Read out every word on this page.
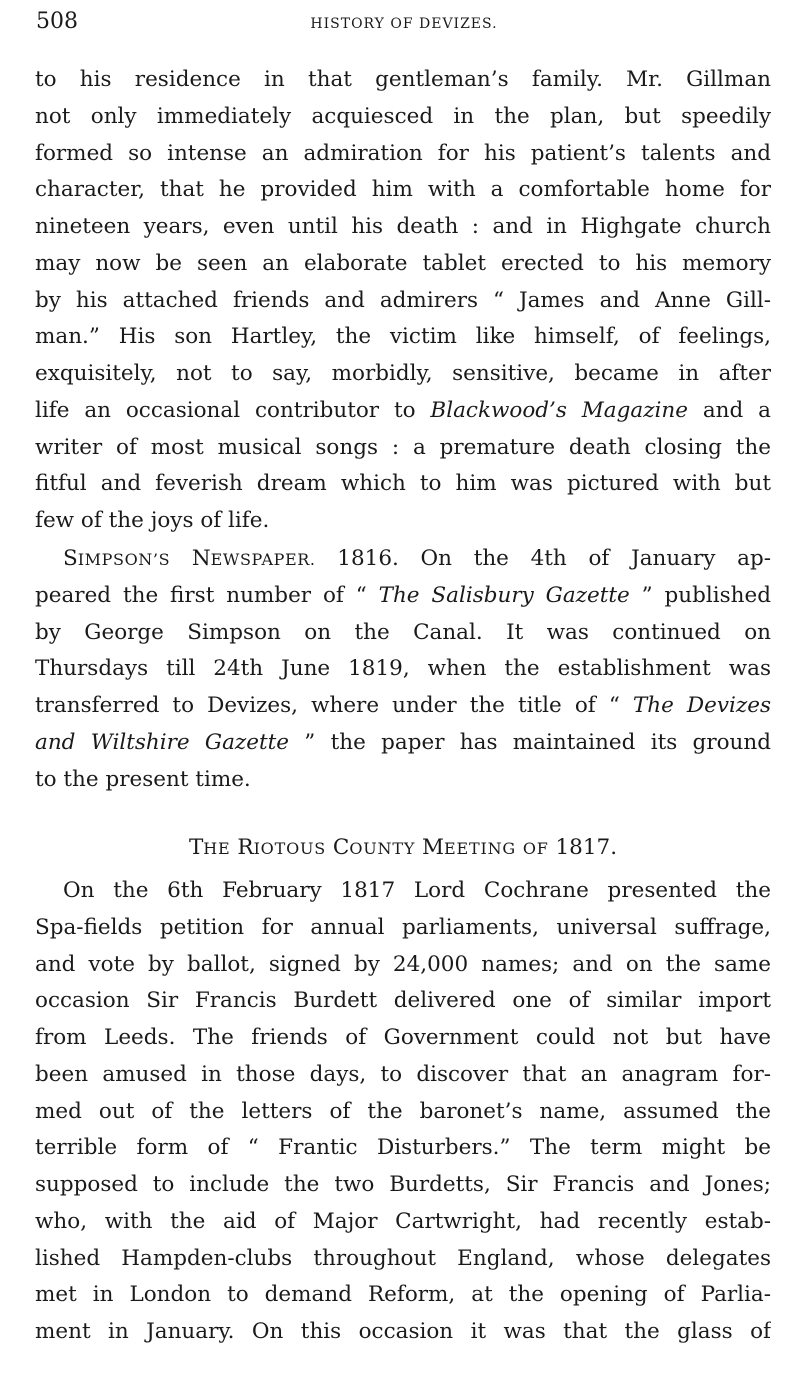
508	HISTORY OF DEVIZES.
to his residence in that gentleman’s family. Mr. Gillman
not only immediately acquiesced in the plan, but speedily
formed so intense an admiration for his patient’s talents and
character, that he provided him with a comfortable home for
nineteen years, even until his death : and in Highgate church
may now be seen an elaborate tablet erected to his memory
by his attached friends and admirers “ James and Anne Gill-
man.” His son Hartley, the victim like himself, of feelings,
exquisitely, not to say, morbidly, sensitive, became in after
life an occasional contributor to Blackwood’s Magazine and a
writer of most musical songs : a premature death closing the
fitful and feverish dream which to him was pictured with but
few of the joys of life.
SIMPSON’S NEWSPAPER. 1816. On the 4th of January ap-
peared the first number of “ The Salisbury Gazette ” published
by George Simpson on the Canal. It was continued on
Thursdays till 24th June 1819, when the establishment was
transferred to Devizes, where under the title of “ The Devizes
and Wiltshire Gazette ” the paper has maintained its ground
to the present time.
THE RIOTOUS COUNTY MEETING OF 1817.
On the 6th February 1817 Lord Cochrane presented the
Spa-fields petition for annual parliaments, universal suffrage,
and vote by ballot, signed by 24,000 names; and on the same
occasion Sir Francis Burdett delivered one of similar import
from Leeds. The friends of Government could not but have
been amused in those days, to discover that an anagram for-
med out of the letters of the baronet’s name, assumed the
terrible form of “ Frantic Disturbers.” The term might be
supposed to include the two Burdetts, Sir Francis and Jones;
who, with the aid of Major Cartwright, had recently estab-
lished Hampden-clubs throughout England, whose delegates
met in London to demand Reform, at the opening of Parlia-
ment in January. On this occasion it was that the glass of
